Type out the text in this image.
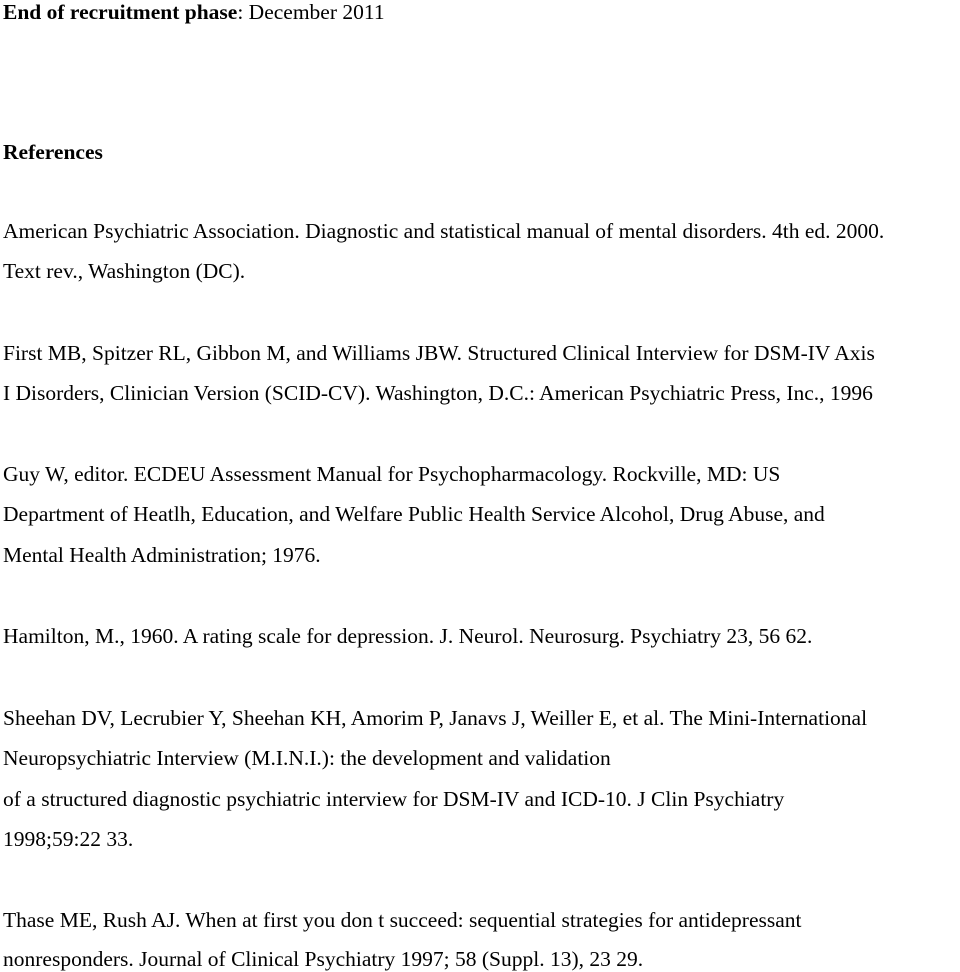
End of recruitment phase: December 2011
References
American Psychiatric Association. Diagnostic and statistical manual of mental disorders. 4th ed. 2000.
Text rev., Washington (DC).
First MB, Spitzer RL, Gibbon M, and Williams JBW. Structured Clinical Interview for DSM-IV Axis
I Disorders, Clinician Version (SCID-CV). Washington, D.C.: American Psychiatric Press, Inc., 1996
Guy W, editor. ECDEU Assessment Manual for Psychopharmacology. Rockville, MD: US
Department of Heatlh, Education, and Welfare Public Health Service Alcohol, Drug Abuse, and
Mental Health Administration; 1976.
Hamilton, M., 1960. A rating scale for depression. J. Neurol. Neurosurg. Psychiatry 23, 56 62.
Sheehan DV, Lecrubier Y, Sheehan KH, Amorim P, Janavs J, Weiller E, et al. The Mini-International
Neuropsychiatric Interview (M.I.N.I.): the development and validation
of a structured diagnostic psychiatric interview for DSM-IV and ICD-10. J Clin Psychiatry
1998;59:22 33.
Thase ME, Rush AJ. When at first you don t succeed: sequential strategies for antidepressant
nonresponders. Journal of Clinical Psychiatry 1997; 58 (Suppl. 13), 23 29.
